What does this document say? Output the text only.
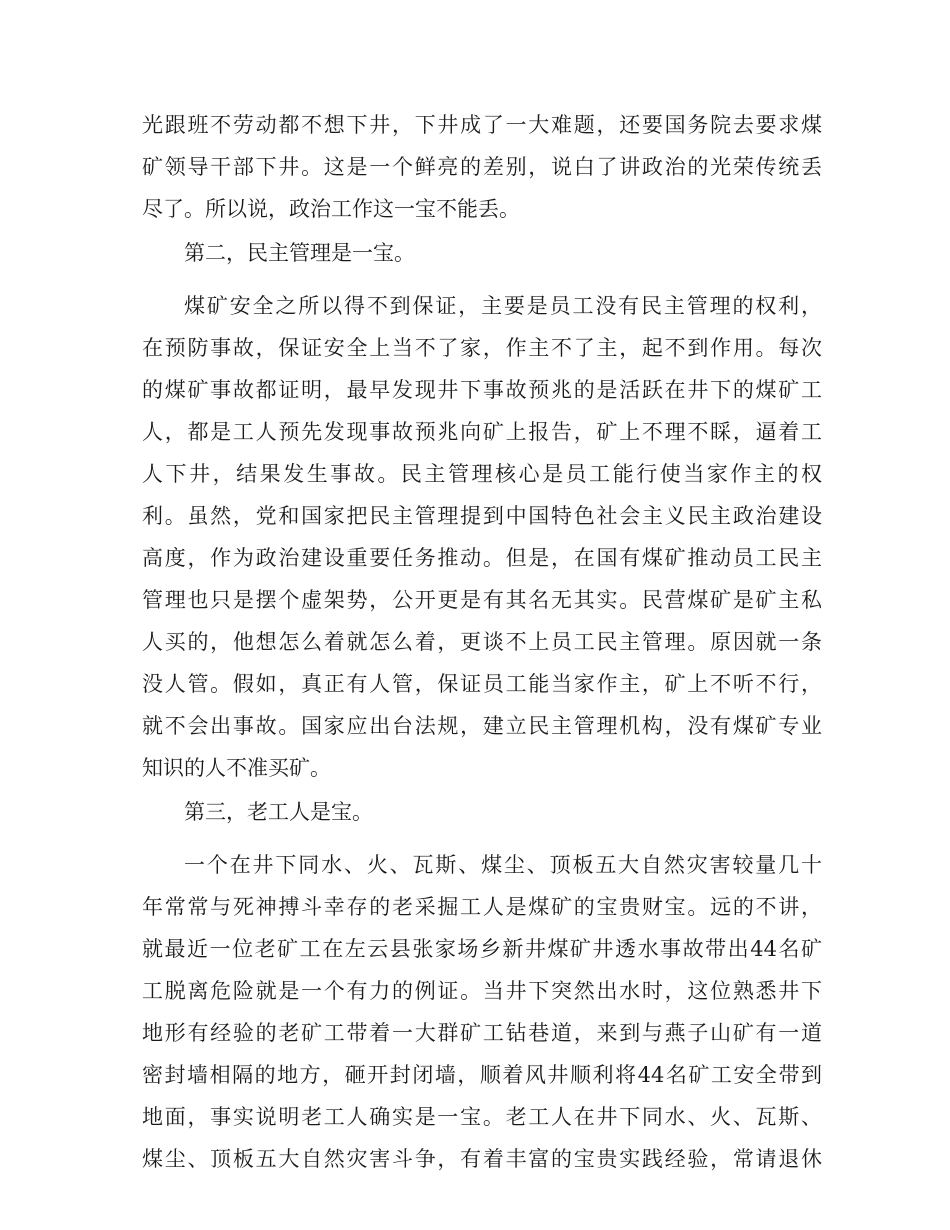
光跟班不劳动都不想下井，下井成了一大难题，还要国务院去要求煤
矿领导干部下井。这是一个鲜亮的差别，说白了讲政治的光荣传统丢
尽了。所以说，政治工作这一宝不能丢。
第二，民主管理是一宝。
煤矿安全之所以得不到保证，主要是员工没有民主管理的权利，
在预防事故，保证安全上当不了家，作主不了主，起不到作用。每次
的煤矿事故都证明，最早发现井下事故预兆的是活跃在井下的煤矿工
人，都是工人预先发现事故预兆向矿上报告，矿上不理不睬，逼着工
人下井，结果发生事故。民主管理核心是员工能行使当家作主的权
利。虽然，党和国家把民主管理提到中国特色社会主义民主政治建设
高度，作为政治建设重要任务推动。但是，在国有煤矿推动员工民主
管理也只是摆个虚架势，公开更是有其名无其实。民营煤矿是矿主私
人买的，他想怎么着就怎么着，更谈不上员工民主管理。原因就一条
没人管。假如，真正有人管，保证员工能当家作主，矿上不听不行，
就不会出事故。国家应出台法规，建立民主管理机构，没有煤矿专业
知识的人不准买矿。
第三，老工人是宝。
一个在井下同水、火、瓦斯、煤尘、顶板五大自然灾害较量几十
年常常与死神搏斗幸存的老采掘工人是煤矿的宝贵财宝。远的不讲，
就最近一位老矿工在左云县张家场乡新井煤矿井透水事故带出44名矿
工脱离危险就是一个有力的例证。当井下突然出水时，这位熟悉井下
地形有经验的老矿工带着一大群矿工钻巷道，来到与燕子山矿有一道
密封墙相隔的地方，砸开封闭墙，顺着风井顺利将44名矿工安全带到
地面，事实说明老工人确实是一宝。老工人在井下同水、火、瓦斯、
煤尘、顶板五大自然灾害斗争，有着丰富的宝贵实践经验，常请退休
